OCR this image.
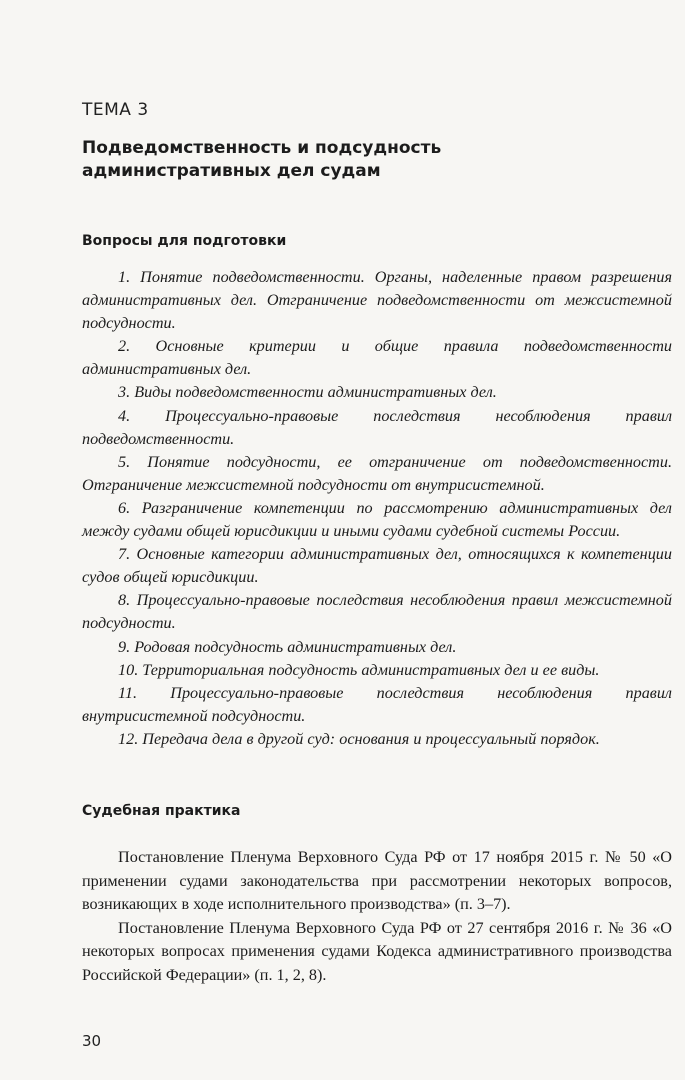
ТЕМА 3
Подведомственность и подсудность
административных дел судам
Вопросы для подготовки

1. Понятие подведомственности. Органы, наделенные правом разрешения административных дел. Отграничение подведомственности от межсистемной подсудности.

2. Основные критерии и общие правила подведомственности административных дел.

3. Виды подведомственности административных дел.

4. Процессуально-правовые последствия несоблюдения правил подведомственности.

5. Понятие подсудности, ее отграничение от подведомственности. Отграничение межсистемной подсудности от внутрисистемной.

6. Разграничение компетенции по рассмотрению административных дел между судами общей юрисдикции и иными судами судебной системы России.

7. Основные категории административных дел, относящихся к компетенции судов общей юрисдикции.

8. Процессуально-правовые последствия несоблюдения правил межсистемной подсудности.

9. Родовая подсудность административных дел.

10. Территориальная подсудность административных дел и ее виды.

11. Процессуально-правовые последствия несоблюдения правил внутрисистемной подсудности.

12. Передача дела в другой суд: основания и процессуальный порядок.

Судебная практика

Постановление Пленума Верховного Суда РФ от 17 ноября 2015 г. № 50 «О применении судами законодательства при рассмотрении некоторых вопросов, возникающих в ходе исполнительного производства» (п. 3–7).

Постановление Пленума Верховного Суда РФ от 27 сентября 2016 г. № 36 «О некоторых вопросах применения судами Кодекса административного производства Российской Федерации» (п. 1, 2, 8).

30
